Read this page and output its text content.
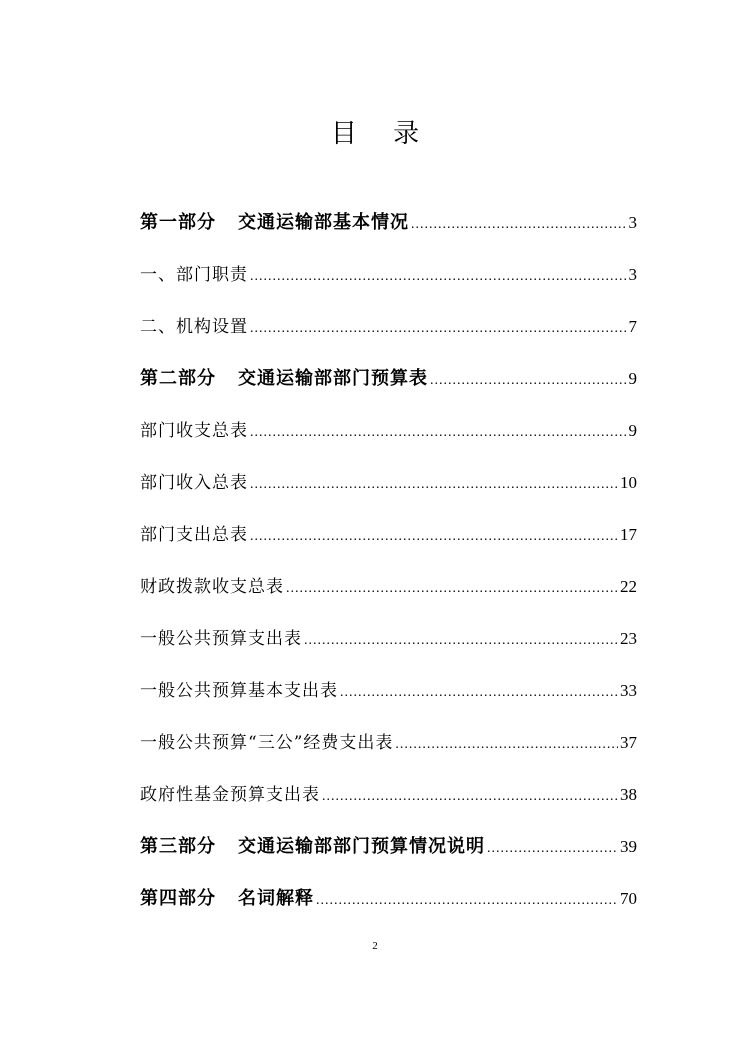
目 录
第一部分 交通运输部基本情况 .....	3
一、部门职责 .....	3
二、机构设置 .....	7
第二部分 交通运输部部门预算表 .....	9
部门收支总表 .....	9
部门收入总表 .....	10
部门支出总表 .....	17
财政拨款收支总表 .....	22
一般公共预算支出表 .....	23
一般公共预算基本支出表 .....	33
一般公共预算“三公”经费支出表 .....	37
政府性基金预算支出表 .....	38
第三部分 交通运输部部门预算情况说明 .....	39
第四部分 名词解释 .....	70
2
